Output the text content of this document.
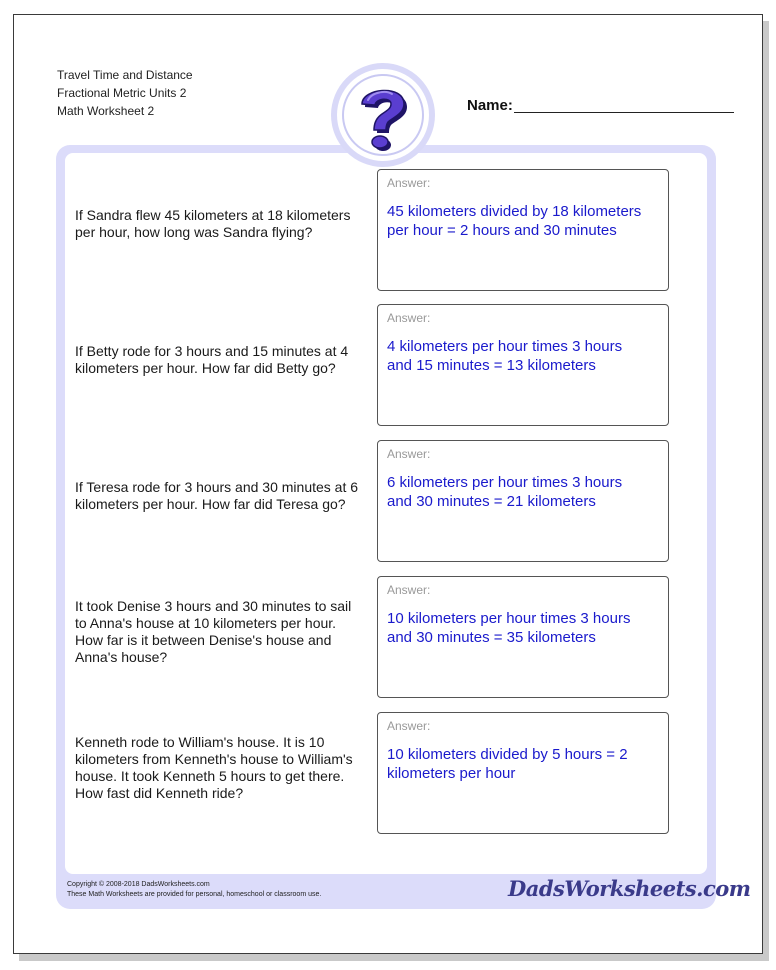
Travel Time and Distance
Fractional Metric Units 2
Math Worksheet 2	Name:

If Sandra flew 45 kilometers at 18 kilometers per hour, how long was Sandra flying?

Answer:

45 kilometers divided by 18 kilometers per hour = 2 hours and 30 minutes

If Betty rode for 3 hours and 15 minutes at 4 kilometers per hour. How far did Betty go?

Answer:

4 kilometers per hour times 3 hours and 15 minutes = 13 kilometers

If Teresa rode for 3 hours and 30 minutes at 6 kilometers per hour. How far did Teresa go?

Answer:

6 kilometers per hour times 3 hours and 30 minutes = 21 kilometers

It took Denise 3 hours and 30 minutes to sail to Anna's house at 10 kilometers per hour. How far is it between Denise's house and Anna's house?

Answer:

10 kilometers per hour times 3 hours and 30 minutes = 35 kilometers

Kenneth rode to William's house. It is 10 kilometers from Kenneth's house to William's house. It took Kenneth 5 hours to get there. How fast did Kenneth ride?

Answer:

10 kilometers divided by 5 hours = 2 kilometers per hour

Copyright © 2008-2018 DadsWorksheets.com
These Math Worksheets are provided for personal, homeschool or classroom use.	DadsWorksheets.com
